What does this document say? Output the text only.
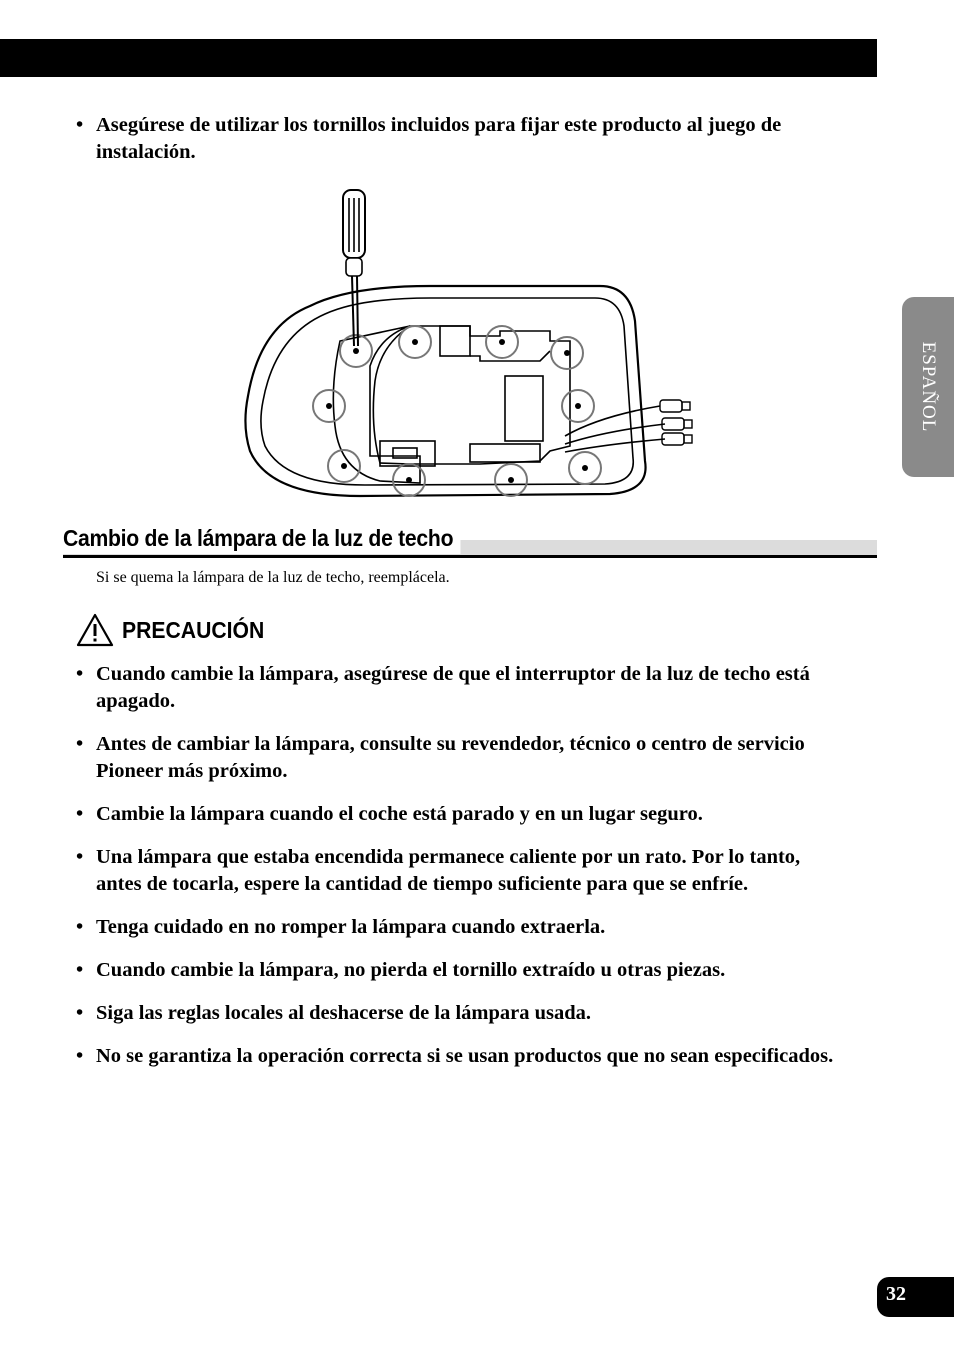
• Asegúrese de utilizar los tornillos incluidos para fijar este producto al juego de instalación.
Cambio de la lámpara de la luz de techo
Si se quema la lámpara de la luz de techo, reemplácela.
PRECAUCIÓN
• Cuando cambie la lámpara, asegúrese de que el interruptor de la luz de techo está apagado.
• Antes de cambiar la lámpara, consulte su revendedor, técnico o centro de servicio Pioneer más próximo.
• Cambie la lámpara cuando el coche está parado y en un lugar seguro.
• Una lámpara que estaba encendida permanece caliente por un rato. Por lo tanto, antes de tocarla, espere la cantidad de tiempo suficiente para que se enfríe.
• Tenga cuidado en no romper la lámpara cuando extraerla.
• Cuando cambie la lámpara, no pierda el tornillo extraído u otras piezas.
• Siga las reglas locales al deshacerse de la lámpara usada.
• No se garantiza la operación correcta si se usan productos que no sean especificados.
ESPAÑOL
32
